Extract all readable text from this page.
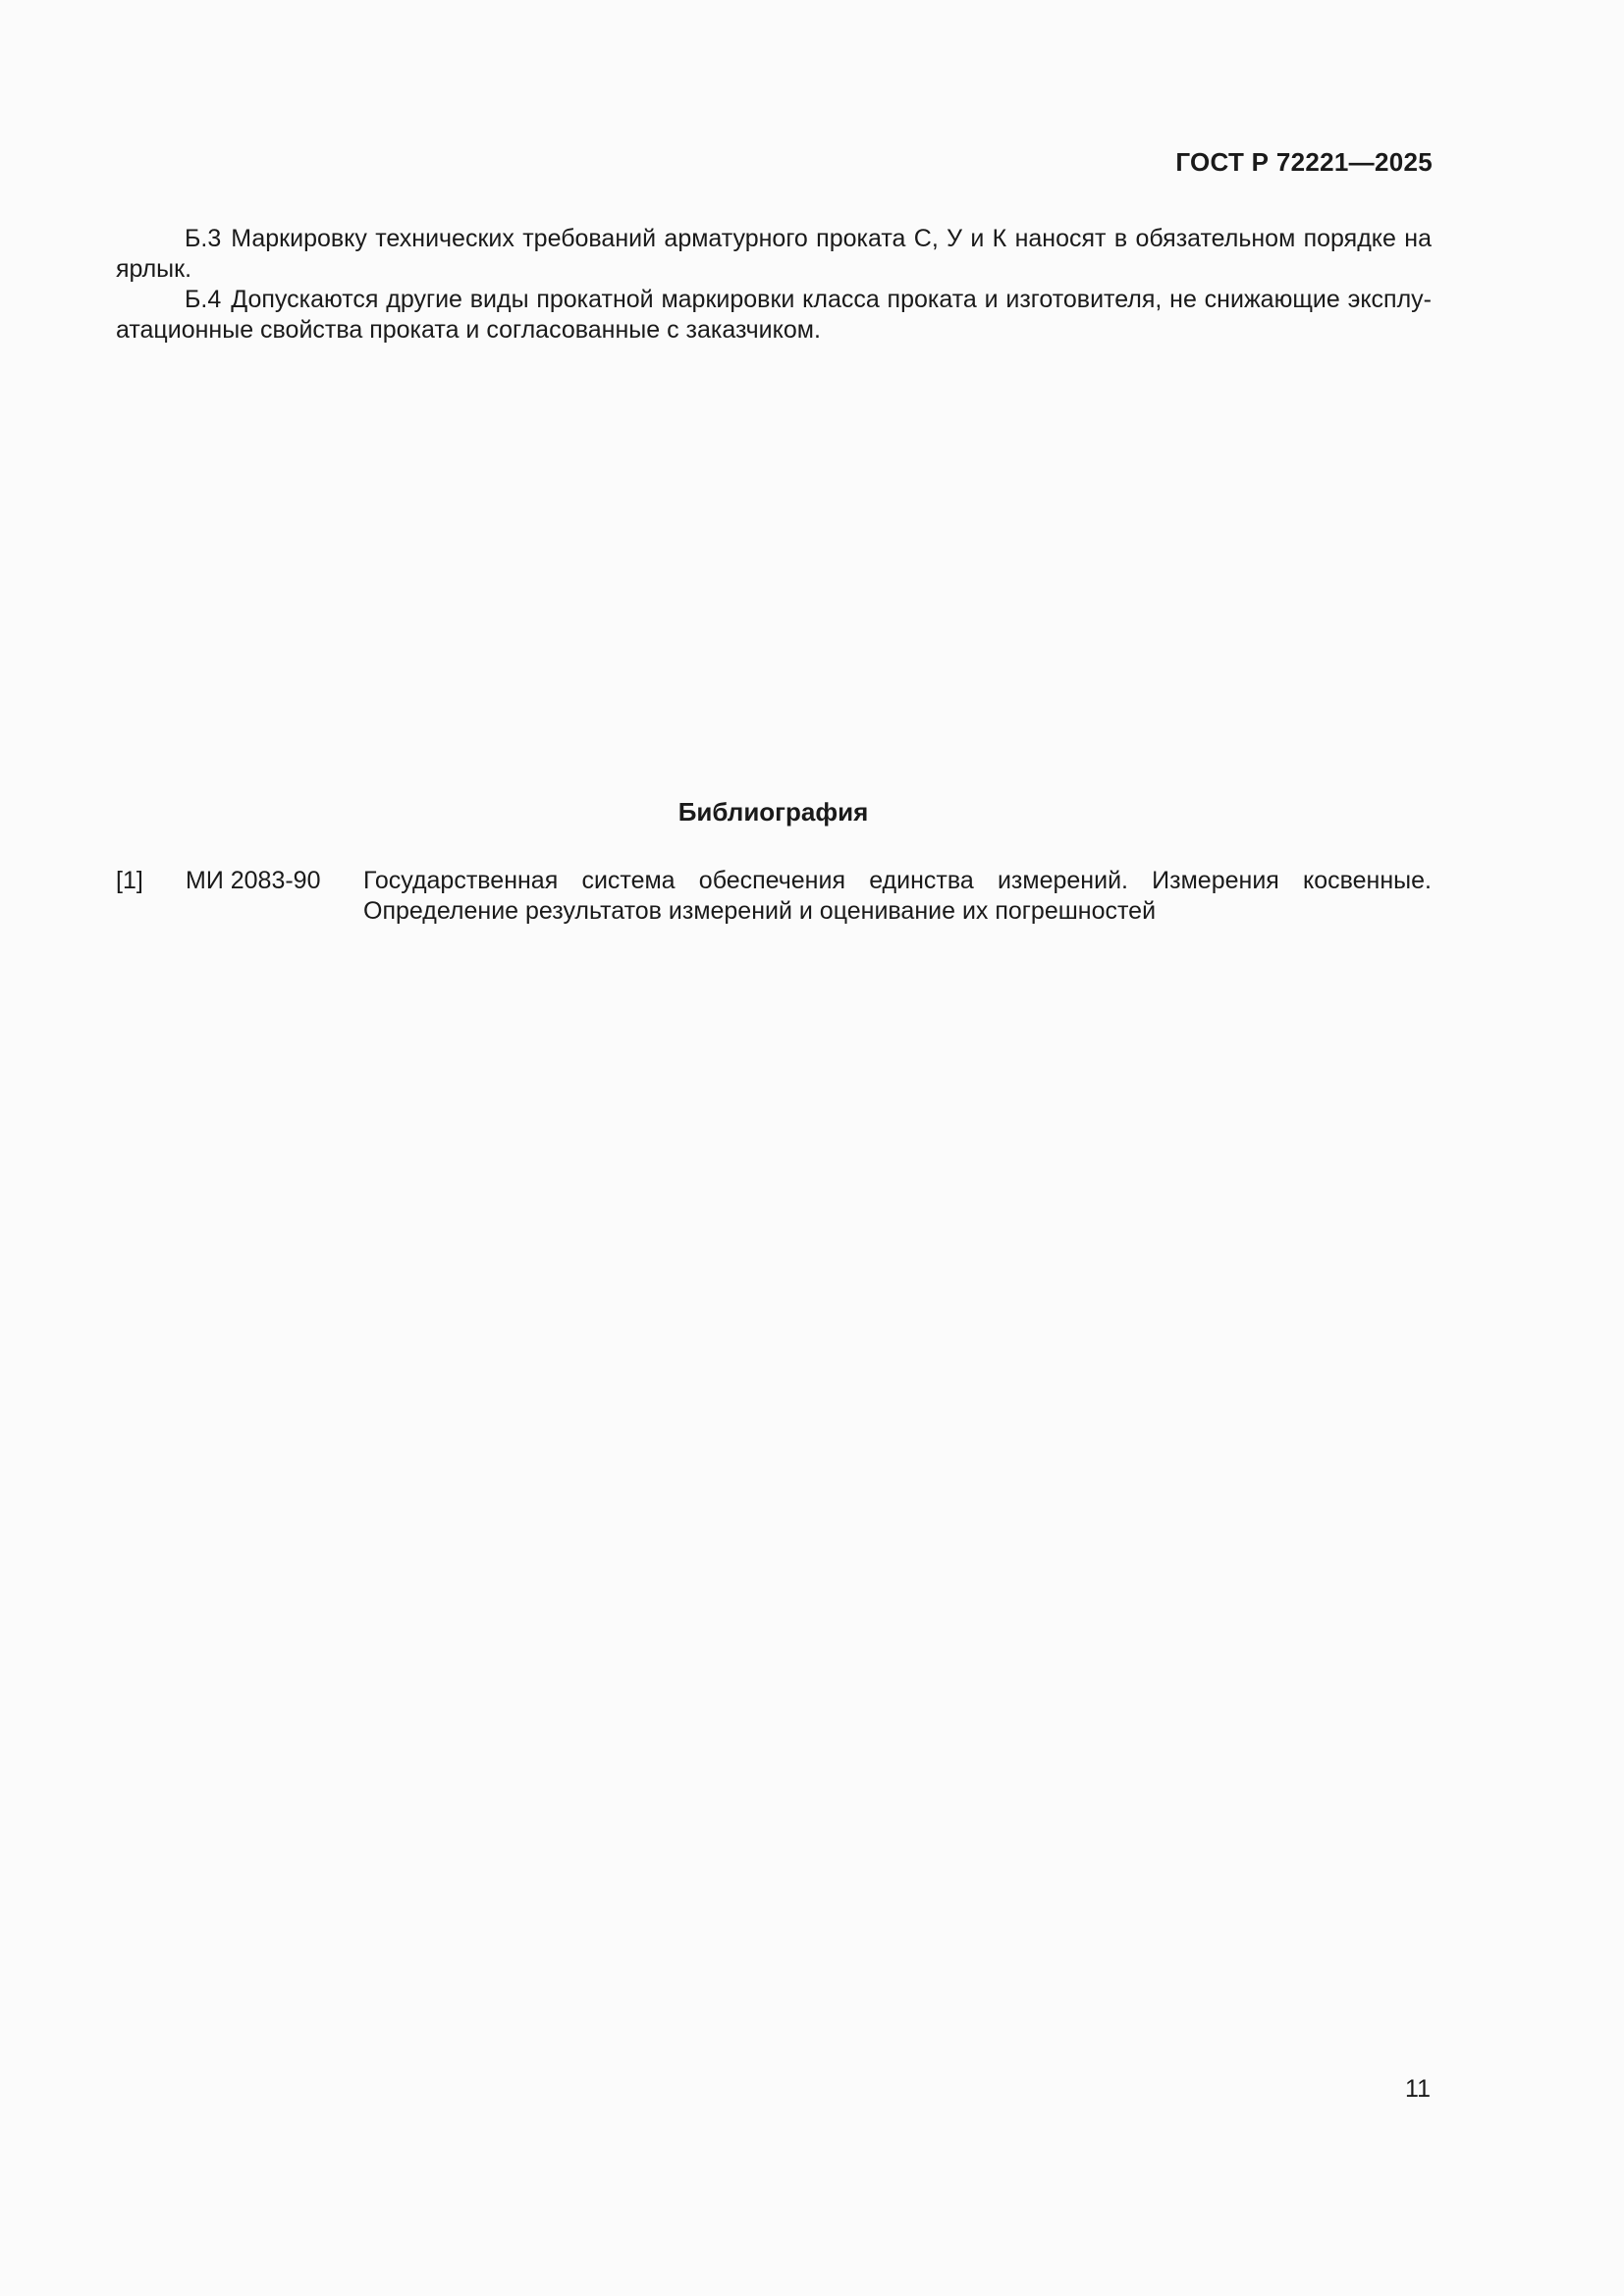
ГОСТ Р 72221—2025

Б.3 Маркировку технических требований арматурного проката С, У и К наносят в обязательном порядке на ярлык.

Б.4 Допускаются другие виды прокатной маркировки класса проката и изготовителя, не снижающие эксплуатационные свойства проката и согласованные с заказчиком.

Библиография
[1] МИ 2083-90 Государственная система обеспечения единства измерений. Измерения косвенные. Определение результатов измерений и оценивание их погрешностей
11
